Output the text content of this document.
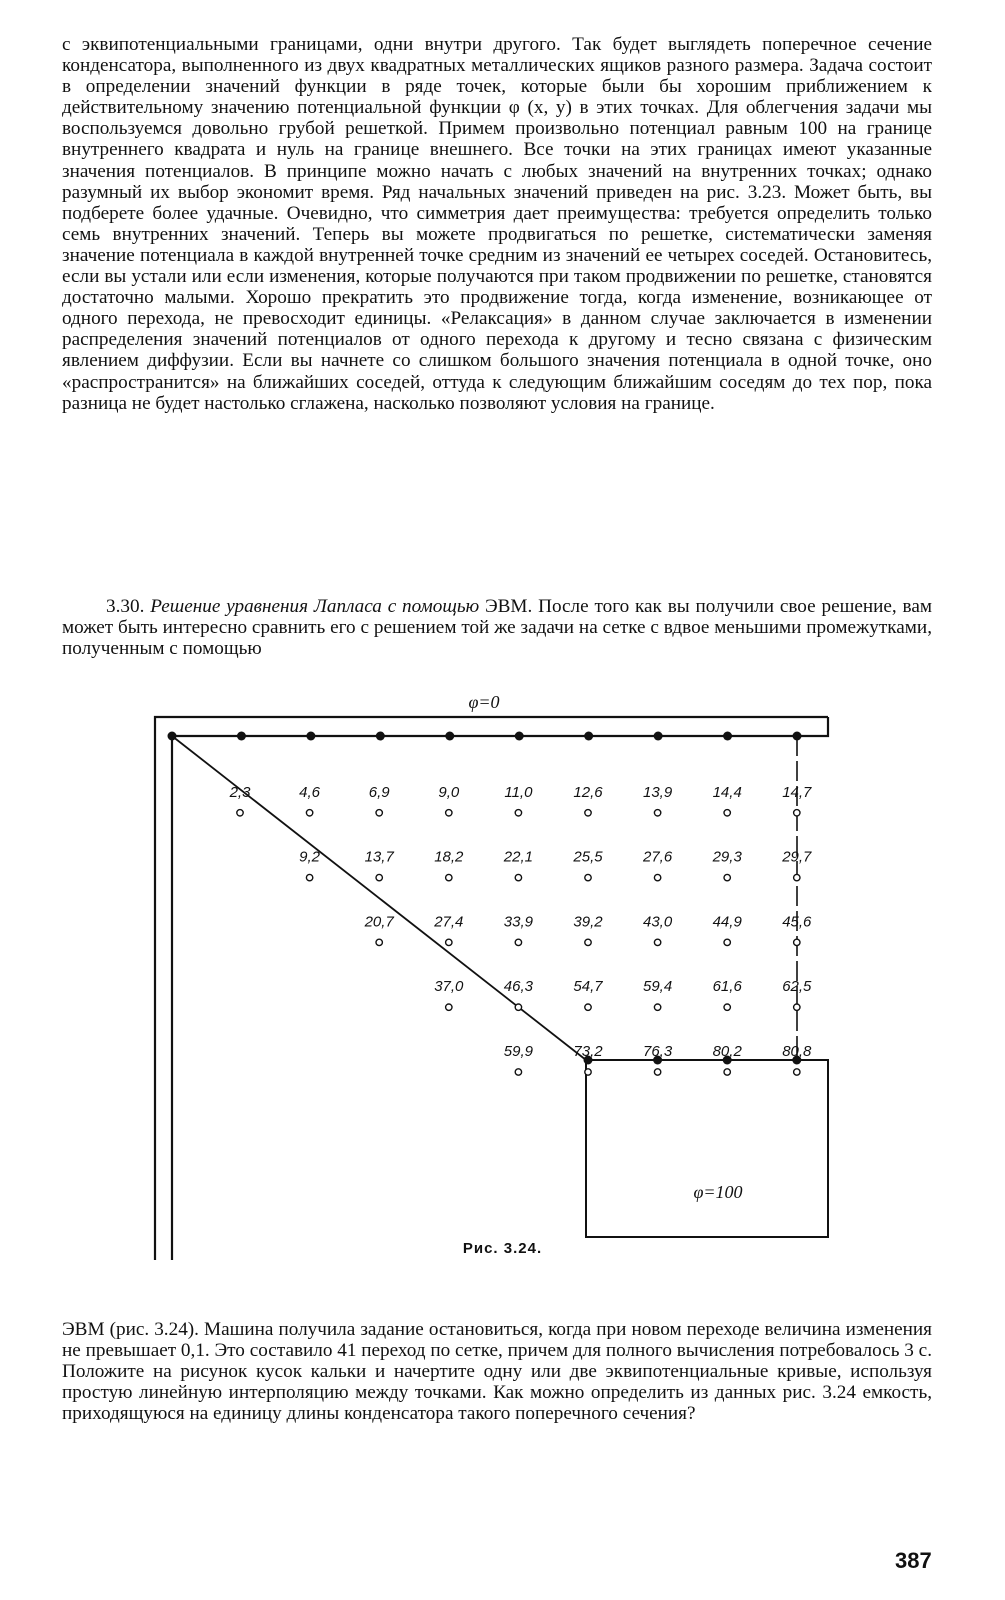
с эквипотенциальными границами, одни внутри другого. Так будет выглядеть поперечное сечение конденсатора, выполненного из двух квадратных металлических ящиков разного размера. Задача состоит в определении значений функции в ряде точек, которые были бы хорошим приближением к действительному значению потенциальной функции φ (x, y) в этих точках. Для облегчения задачи мы воспользуемся довольно грубой решеткой. Примем произвольно потенциал равным 100 на границе внутреннего квадрата и нуль на границе внешнего. Все точки на этих границах имеют указанные значения потенциалов. В принципе можно начать с любых значений на внутренних точках; однако разумный их выбор экономит время. Ряд начальных значений приведен на рис. 3.23. Может быть, вы подберете более удачные. Очевидно, что симметрия дает преимущества: требуется определить только семь внутренних значений. Теперь вы можете продвигаться по решетке, систематически заменяя значение потенциала в каждой внутренней точке средним из значений ее четырех соседей. Остановитесь, если вы устали или если изменения, которые получаются при таком продвижении по решетке, становятся достаточно малыми. Хорошо прекратить это продвижение тогда, когда изменение, возникающее от одного перехода, не превосходит единицы. «Релаксация» в данном случае заключается в изменении распределения значений потенциалов от одного перехода к другому и тесно связана с физическим явлением диффузии. Если вы начнете со слишком большого значения потенциала в одной точке, оно «распространится» на ближайших соседей, оттуда к следующим ближайшим соседям до тех пор, пока разница не будет настолько сглажена, насколько позволяют условия на границе.

3.30. Решение уравнения Лапласа с помощью ЭВМ. После того как вы получили свое решение, вам может быть интересно сравнить его с решением той же задачи на сетке с вдвое меньшими промежутками, полученным с помощью

φ=0
φ=100
2,3	4,6	6,9	9,0	11,0	12,6	13,9	14,4	14,7
9,2	13,7	18,2	22,1	25,5	27,6	29,3	29,7
20,7	27,4	33,9	39,2	43,0	44,9	45,6
37,0	46,3	54,7	59,4	61,6	62,5
59,9	73,2	76,3	80,2	80,8
Рис. 3.24.

ЭВМ (рис. 3.24). Машина получила задание остановиться, когда при новом переходе величина изменения не превышает 0,1. Это составило 41 переход по сетке, причем для полного вычисления потребовалось 3 с. Положите на рисунок кусок кальки и начертите одну или две эквипотенциальные кривые, используя простую линейную интерполяцию между точками. Как можно определить из данных рис. 3.24 емкость, приходящуюся на единицу длины конденсатора такого поперечного сечения?

387
